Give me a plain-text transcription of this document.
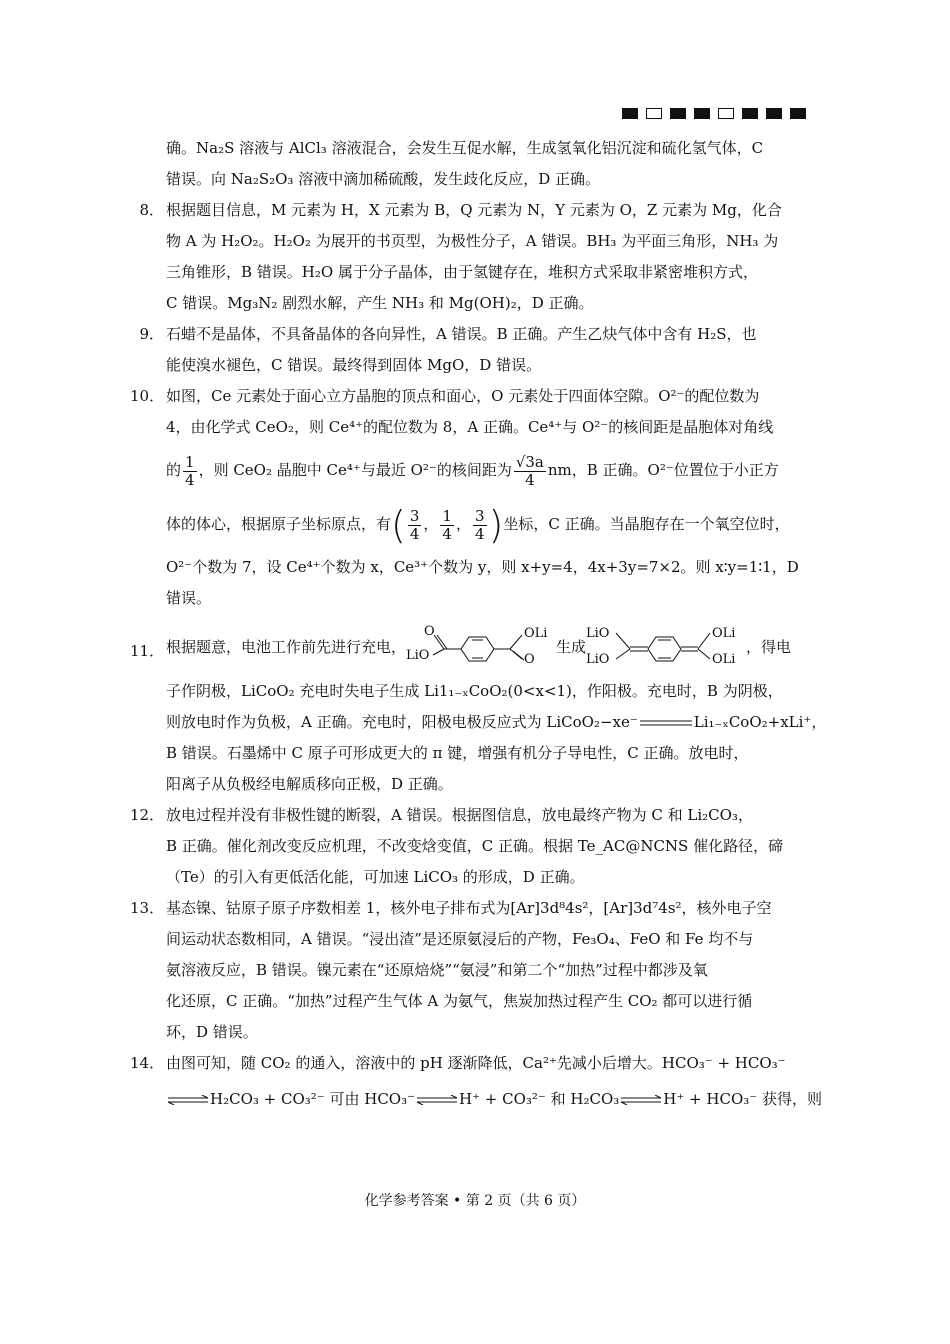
确。Na₂S 溶液与 AlCl₃ 溶液混合，会发生互促水解，生成氢氧化铝沉淀和硫化氢气体，C
错误。向 Na₂S₂O₃ 溶液中滴加稀硫酸，发生歧化反应，D 正确。
8． 根据题目信息，M 元素为 H，X 元素为 B，Q 元素为 N，Y 元素为 O，Z 元素为 Mg，化合
物 A 为 H₂O₂。H₂O₂ 为展开的书页型，为极性分子，A 错误。BH₃ 为平面三角形，NH₃ 为
三角锥形，B 错误。H₂O 属于分子晶体，由于氢键存在，堆积方式采取非紧密堆积方式，
C 错误。Mg₃N₂ 剧烈水解，产生 NH₃ 和 Mg(OH)₂，D 正确。
9． 石蜡不是晶体，不具备晶体的各向异性，A 错误。B 正确。产生乙炔气体中含有 H₂S，也
能使溴水褪色，C 错误。最终得到固体 MgO，D 错误。
10． 如图，Ce 元素处于面心立方晶胞的顶点和面心，O 元素处于四面体空隙。O²⁻的配位数为
4，由化学式 CeO₂，则 Ce⁴⁺的配位数为 8，A 正确。Ce⁴⁺与 O²⁻的核间距是晶胞体对角线
的 $\frac{1}{4}$ ，则 CeO₂ 晶胞中 Ce⁴⁺与最近 O²⁻的核间距为 $\frac{√3a}{4}$ nm，B 正确。O²⁻位置位于小正方
体的体心，根据原子坐标原点，有( $\frac{3}{4}$ ， $\frac{1}{4}$ ， $\frac{3}{4}$ )坐标，C 正确。当晶胞存在一个氧空位时，
O²⁻个数为 7，设 Ce⁴⁺个数为 x，Ce³⁺个数为 y，则 x+y=4，4x+3y=7×2。则 x∶y=1∶1，D
错误。
11． 根据题意，电池工作前先进行充电，
O
LiO
OLi
O
生成
LiO
LiO
OLi
OLi
，得电
子作阴极，LiCoO₂ 充电时失电子生成 Li1₁₋ₓCoO₂(0<x<1)，作阳极。充电时，B 为阴极，
则放电时作为负极，A 正确。充电时，阳极电极反应式为 LiCoO₂−xe⁻	Li₁₋ₓCoO₂+xLi⁺，
B 错误。石墨烯中 C 原子可形成更大的 π 键，增强有机分子导电性，C 正确。放电时，
阳离子从负极经电解质移向正极，D 正确。
12． 放电过程并没有非极性键的断裂，A 错误。根据图信息，放电最终产物为 C 和 Li₂CO₃，
B 正确。催化剂改变反应机理，不改变焓变值，C 正确。根据 Te_AC@NCNS 催化路径，碲
（Te）的引入有更低活化能，可加速 LiCO₃ 的形成，D 正确。
13． 基态镍、钴原子原子序数相差 1，核外电子排布式为[Ar]3d⁸4s²，[Ar]3d⁷4s²，核外电子空
间运动状态数相同，A 错误。“浸出渣”是还原氨浸后的产物，Fe₃O₄、FeO 和 Fe 均不与
氨溶液反应，B 错误。镍元素在“还原焙烧”“氨浸”和第二个“加热”过程中都涉及氧
化还原，C 正确。“加热”过程产生气体 A 为氨气，焦炭加热过程产生 CO₂ 都可以进行循
环，D 错误。
14． 由图可知，随 CO₂ 的通入，溶液中的 pH 逐渐降低，Ca²⁺先减小后增大。HCO₃⁻ + HCO₃⁻
⇌H₂CO₃ + CO₃²⁻ 可由 HCO₃⁻⇌H⁺ + CO₃²⁻ 和 H₂CO₃⇌H⁺ + HCO₃⁻ 获得，则
化学参考答案 • 第 2 页（共 6 页）
